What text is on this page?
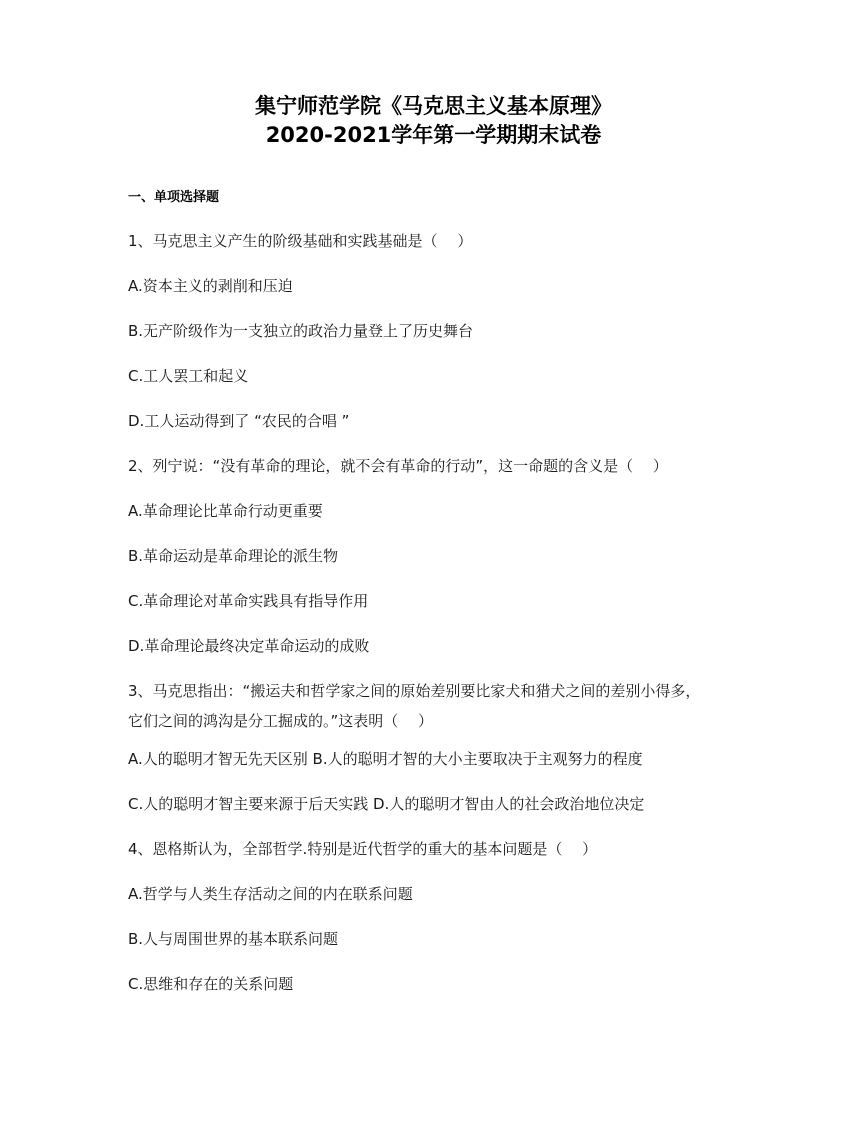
集宁师范学院《马克思主义基本原理》
2020-2021学年第一学期期末试卷
一、单项选择题
1、马克思主义产生的阶级基础和实践基础是（　 ）
A.资本主义的剥削和压迫
B.无产阶级作为一支独立的政治力量登上了历史舞台
C.工人罢工和起义
D.工人运动得到了 “农民的合唱 ”
2、列宁说：“没有革命的理论，就不会有革命的行动”，这一命题的含义是（　 ）
A.革命理论比革命行动更重要
B.革命运动是革命理论的派生物
C.革命理论对革命实践具有指导作用
D.革命理论最终决定革命运动的成败
3、马克思指出：“搬运夫和哲学家之间的原始差别要比家犬和猎犬之间的差别小得多，
它们之间的鸿沟是分工掘成的。”这表明（　 ）
A.人的聪明才智无先天区别 B.人的聪明才智的大小主要取决于主观努力的程度
C.人的聪明才智主要来源于后天实践 D.人的聪明才智由人的社会政治地位决定
4、恩格斯认为，全部哲学.特别是近代哲学的重大的基本问题是（　 ）
A.哲学与人类生存活动之间的内在联系问题
B.人与周围世界的基本联系问题
C.思维和存在的关系问题
